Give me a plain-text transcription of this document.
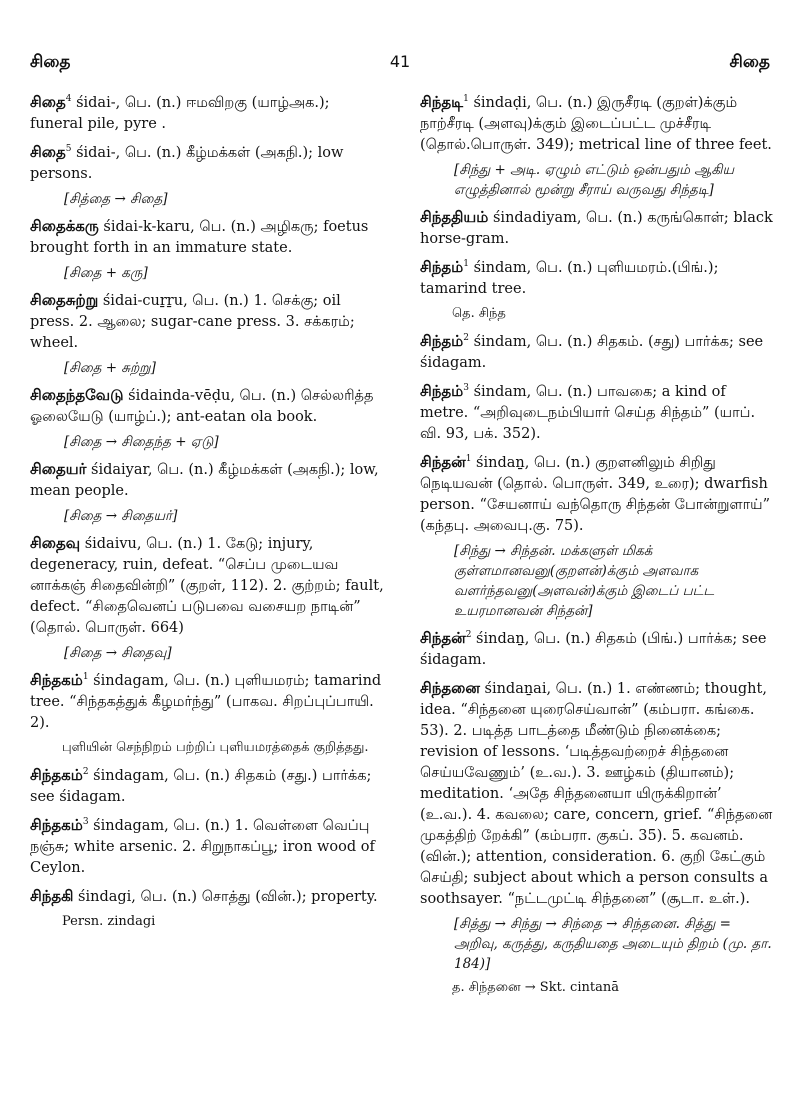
சிதை	41	சிதை
சிதை$^4$ śidai-, பெ. (n.) ஈமவிறகு (யாழ்அக.); funeral pile, pyre .
சிதை$^5$ śidai-, பெ. (n.) கீழ்மக்கள் (அகநி.); low persons.
[சித்தை → சிதை]
சிதைக்கரு śidai-k-karu, பெ. (n.) அழிகரு; foetus brought forth in an immature state.
[சிதை + கரு]
சிதைசுற்று śidai-cuṟṟu, பெ. (n.) 1. செக்கு; oil press. 2. ஆலை; sugar-cane press. 3. சக்கரம்; wheel.
[சிதை + சுற்று]
சிதைந்தவேடு śidainda-vēḍu, பெ. (n.) செல்லரித்த ஓலையேடு (யாழ்ப்.); ant-eatan ola book.
[சிதை → சிதைந்த + ஏடு]
சிதையர் śidaiyar, பெ. (n.) கீழ்மக்கள் (அகநி.); low, mean people.
[சிதை → சிதையர்]
சிதைவு śidaivu, பெ. (n.) 1. கேடு; injury, degeneracy, ruin, defeat. “செப்ப முடையவ னாக்கஞ் சிதைவின்றி” (குறள், 112). 2. குற்றம்; fault, defect. “சிதைவெனப் படுபவை வசையற நாடின்” (தொல். பொருள். 664)
[சிதை → சிதைவு]
சிந்தகம்$^1$ śindagam, பெ. (n.) புளியமரம்; tamarind tree. “சிந்தகத்துக் கீழமர்ந்து” (பாகவ. சிறப்புப்பாயி. 2).
புளியின் செந்நிறம் பற்றிப் புளியமரத்தைக் குறித்தது.
சிந்தகம்$^2$ śindagam, பெ. (n.) சிதகம் (சது.) பார்க்க; see śidagam.
சிந்தகம்$^3$ śindagam, பெ. (n.) 1. வெள்ளை வெப்பு நஞ்சு; white arsenic. 2. சிறுநாகப்பூ; iron wood of Ceylon.
சிந்தகி śindagi, பெ. (n.) சொத்து (வின்.); property.
Persn. zindagi
சிந்தடி$^1$ śindaḍi, பெ. (n.) இருசீரடி (குறள்)க்கும் நாற்சீரடி (அளவு)க்கும் இடைப்பட்ட முச்சீரடி (தொல்.பொருள். 349); metrical line of three feet.
[சிந்து + அடி. ஏழும் எட்டும் ஒன்பதும் ஆகிய எழுத்தினால் மூன்று சீராய் வருவது சிந்தடி]
சிந்ததியம் śindadiyam, பெ. (n.) கருங்கொள்; black horse-gram.
சிந்தம்$^1$ śindam, பெ. (n.) புளியமரம்.(பிங்.); tamarind tree.
தெ. சிந்த
சிந்தம்$^2$ śindam, பெ. (n.) சிதகம். (சது) பார்க்க; see śidagam.
சிந்தம்$^3$ śindam, பெ. (n.) பாவகை; a kind of metre. “அறிவுடைநம்பியார் செய்த சிந்தம்” (யாப். வி. 93, பக். 352).
சிந்தன்$^1$ śindaṉ, பெ. (n.) குறளனிலும் சிறிது நெடியவன் (தொல். பொருள். 349, உரை); dwarfish person. “சேயனாய் வந்தொரு சிந்தன் போன்றுளாய்” (கந்தபு. அவைபு.கு. 75).
[சிந்து → சிந்தன். மக்களுள் மிகக் குள்ளமானவனு(குறளன்)க்கும் அளவாக வளர்ந்தவனு(அளவன்)க்கும் இடைப் பட்ட உயரமானவன் சிந்தன்]
சிந்தன்$^2$ śindaṉ, பெ. (n.) சிதகம் (பிங்.) பார்க்க; see śidagam.
சிந்தனை śindaṉai, பெ. (n.) 1. எண்ணம்; thought, idea. “சிந்தனை யுரைசெய்வான்” (கம்பரா. கங்கை. 53). 2. படித்த பாடத்தை மீண்டும் நினைக்கை; revision of lessons. ‘படித்தவற்றைச் சிந்தனை செய்யவேணும்’ (உ.வ.). 3. ஊழ்கம் (தியானம்); meditation. ‘அதே சிந்தனையா யிருக்கிறான்’ (உ.வ.). 4. கவலை; care, concern, grief. “சிந்தனை முகத்திற் றேக்கி” (கம்பரா. குகப். 35). 5. கவனம். (வின்.); attention, consideration. 6. குறி கேட்கும் செய்தி; subject about which a person consults a soothsayer. “நட்டமுட்டி சிந்தனை” (சூடா. உள்.).
[சித்து → சிந்து → சிந்தை → சிந்தனை. சித்து = அறிவு, கருத்து, கருதியதை அடையும் திறம் (மு. தா. 184)]
த. சிந்தனை → Skt. cintanā
